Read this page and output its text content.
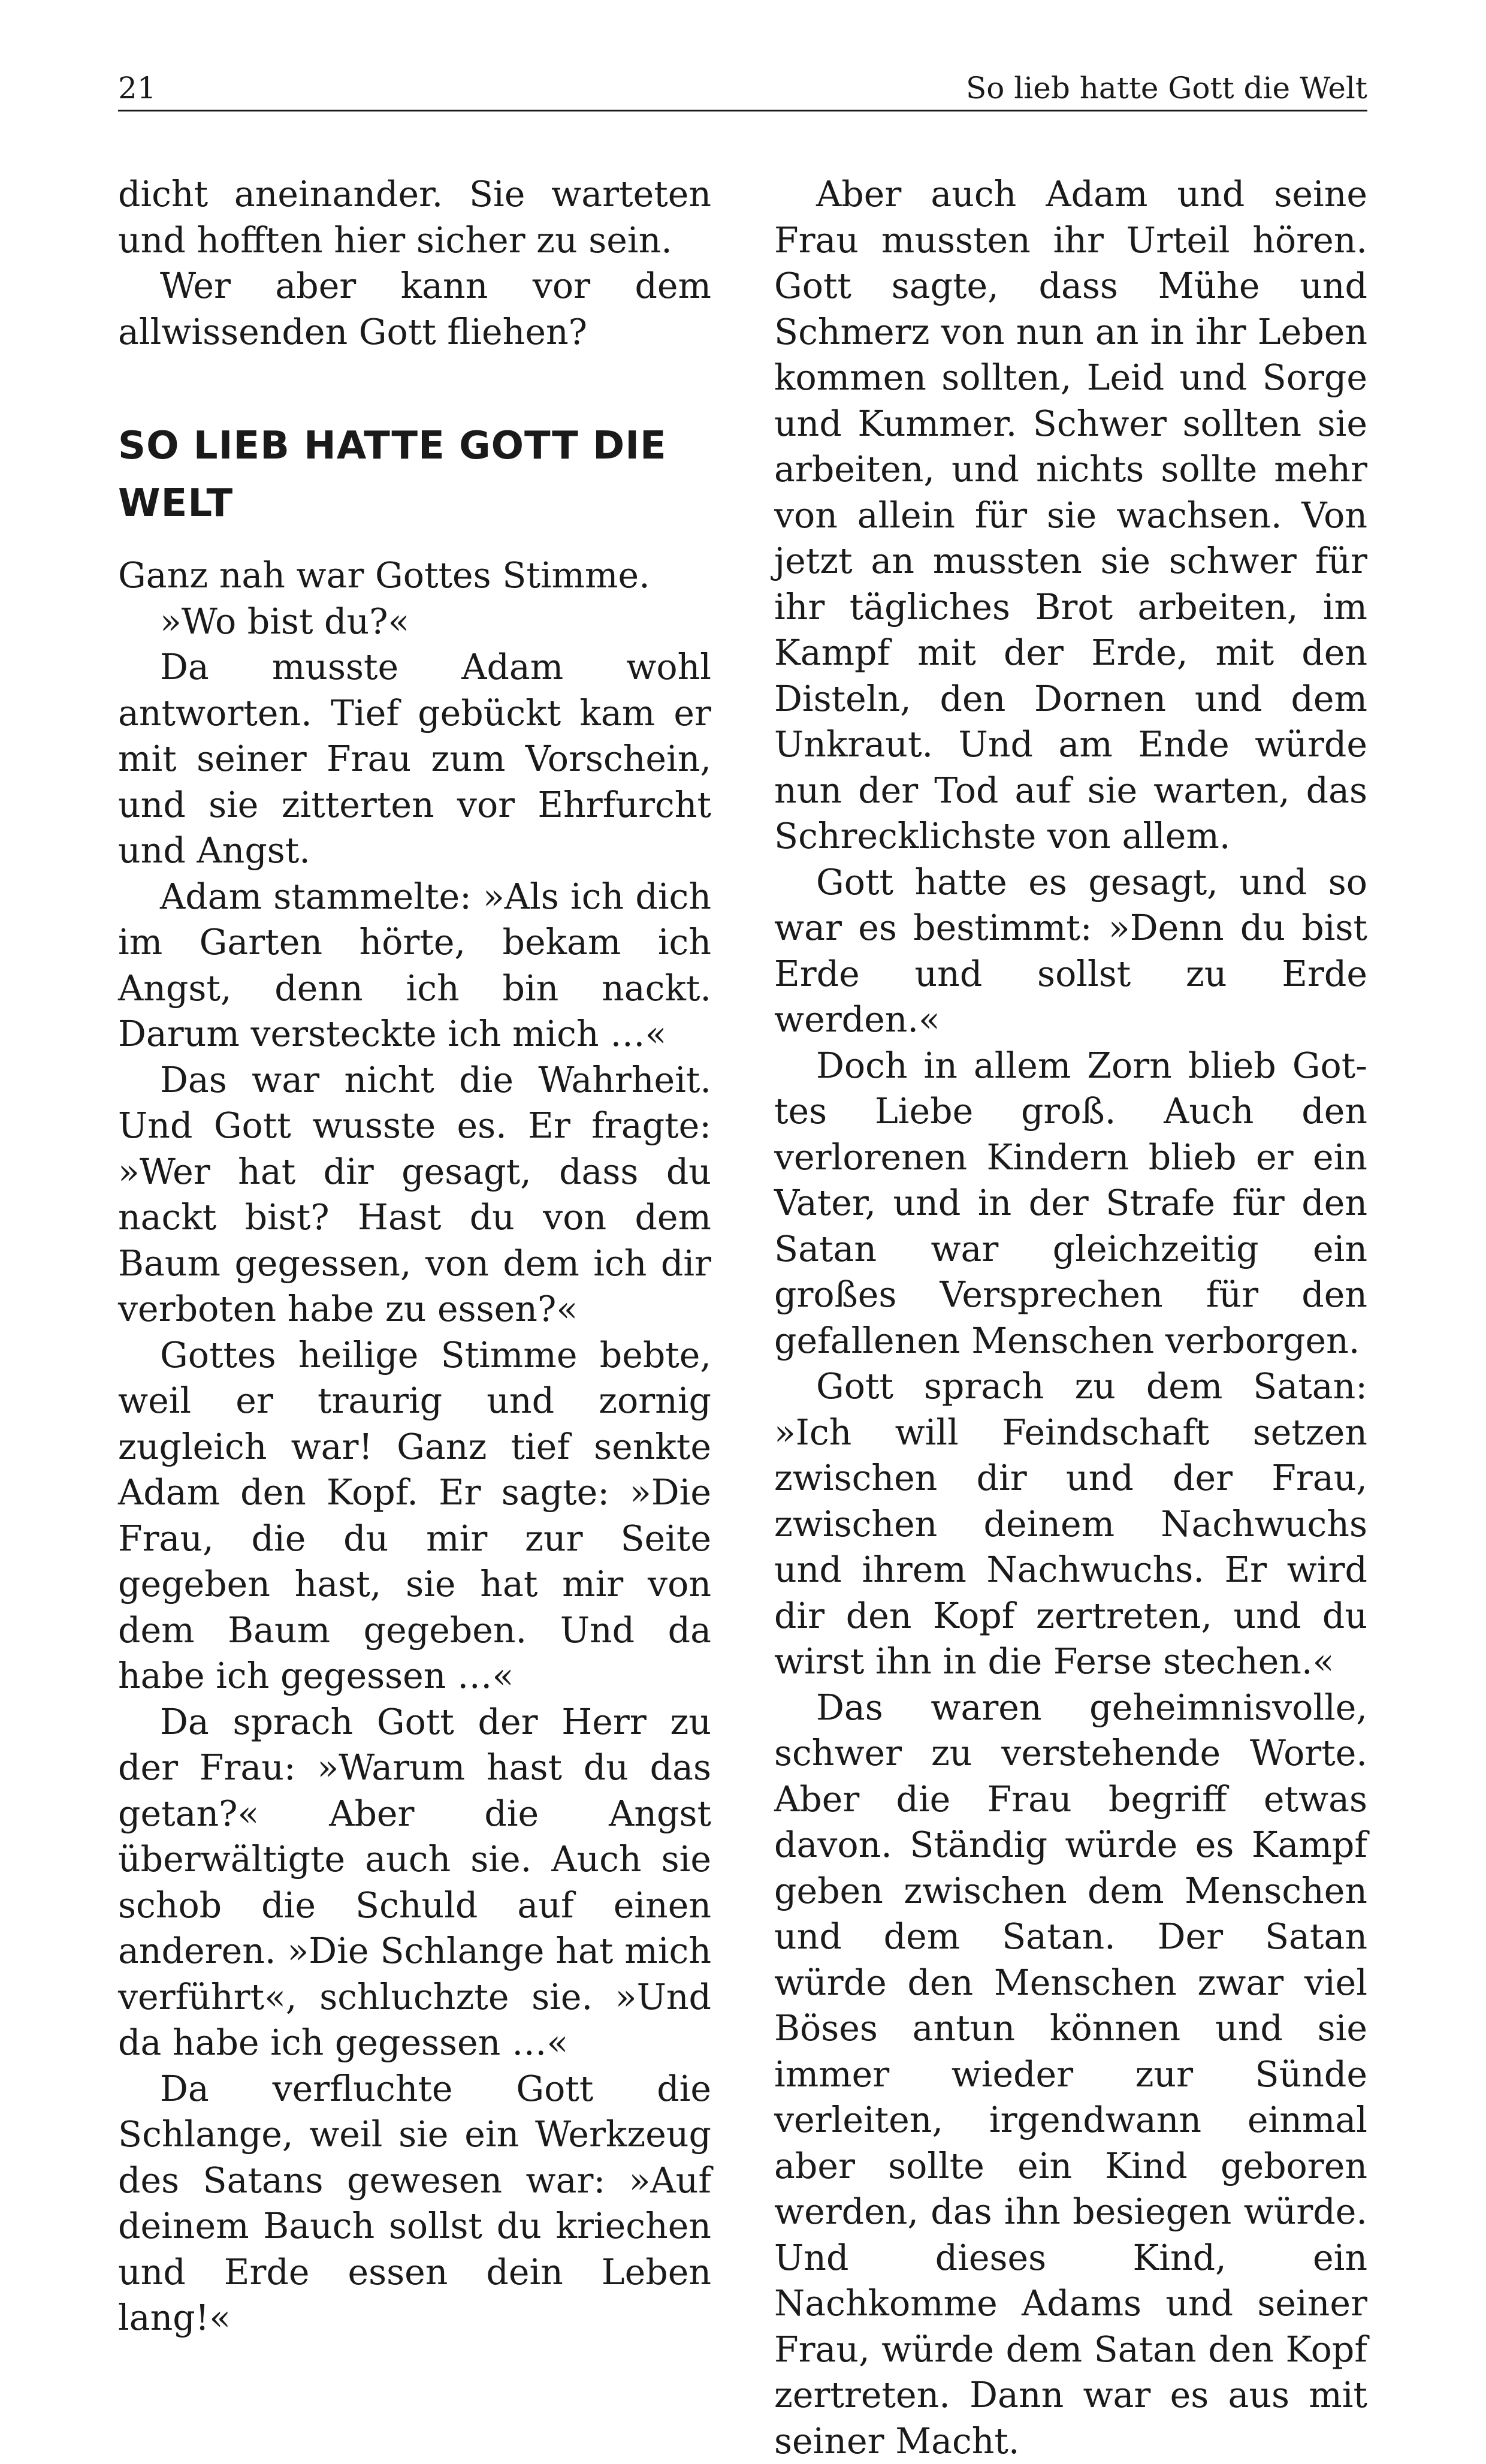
21	So lieb hatte Gott die Welt

dicht aneinander. Sie warteten und hofften hier sicher zu sein.

Wer aber kann vor dem allwissenden Gott fliehen?

SO LIEB HATTE GOTT DIE WELT

Ganz nah war Gottes Stimme.

»Wo bist du?«

Da musste Adam wohl antworten. Tief gebückt kam er mit seiner Frau zum Vorschein, und sie zitterten vor Ehrfurcht und Angst.

Adam stammelte: »Als ich dich im Garten hörte, bekam ich Angst, denn ich bin nackt. Darum versteckte ich mich …«

Das war nicht die Wahrheit. Und Gott wusste es. Er fragte: »Wer hat dir gesagt, dass du nackt bist? Hast du von dem Baum gegessen, von dem ich dir verboten habe zu essen?«

Gottes heilige Stimme bebte, weil er traurig und zornig zugleich war! Ganz tief senkte Adam den Kopf. Er sagte: »Die Frau, die du mir zur Seite gegeben hast, sie hat mir von dem Baum gegeben. Und da habe ich gegessen …«

Da sprach Gott der Herr zu der Frau: »Warum hast du das getan?« Aber die Angst überwältigte auch sie. Auch sie schob die Schuld auf einen anderen. »Die Schlange hat mich verführt«, schluchzte sie. »Und da habe ich gegessen …«

Da verfluchte Gott die Schlange, weil sie ein Werkzeug des Satans gewesen war: »Auf deinem Bauch sollst du kriechen und Erde essen dein Leben lang!«

Aber auch Adam und seine Frau mussten ihr Urteil hören. Gott sagte, dass Mühe und Schmerz von nun an in ihr Leben kommen sollten, Leid und Sorge und Kummer. Schwer sollten sie arbeiten, und nichts sollte mehr von allein für sie wachsen. Von jetzt an mussten sie schwer für ihr tägliches Brot arbeiten, im Kampf mit der Erde, mit den Disteln, den Dornen und dem Unkraut. Und am Ende würde nun der Tod auf sie warten, das Schrecklichste von allem.

Gott hatte es gesagt, und so war es bestimmt: »Denn du bist Erde und sollst zu Erde werden.«

Doch in allem Zorn blieb Gottes Liebe groß. Auch den verlorenen Kindern blieb er ein Vater, und in der Strafe für den Satan war gleichzeitig ein großes Versprechen für den gefallenen Menschen verborgen.

Gott sprach zu dem Satan: »Ich will Feindschaft setzen zwischen dir und der Frau, zwischen deinem Nachwuchs und ihrem Nachwuchs. Er wird dir den Kopf zertreten, und du wirst ihn in die Ferse stechen.«

Das waren geheimnisvolle, schwer zu verstehende Worte. Aber die Frau begriff etwas davon. Ständig würde es Kampf geben zwischen dem Menschen und dem Satan. Der Satan würde den Menschen zwar viel Böses antun können und sie immer wieder zur Sünde verleiten, irgendwann einmal aber sollte ein Kind geboren werden, das ihn besiegen würde. Und dieses Kind, ein Nachkomme Adams und seiner Frau, würde dem Satan den Kopf zertreten. Dann war es aus mit seiner Macht.
